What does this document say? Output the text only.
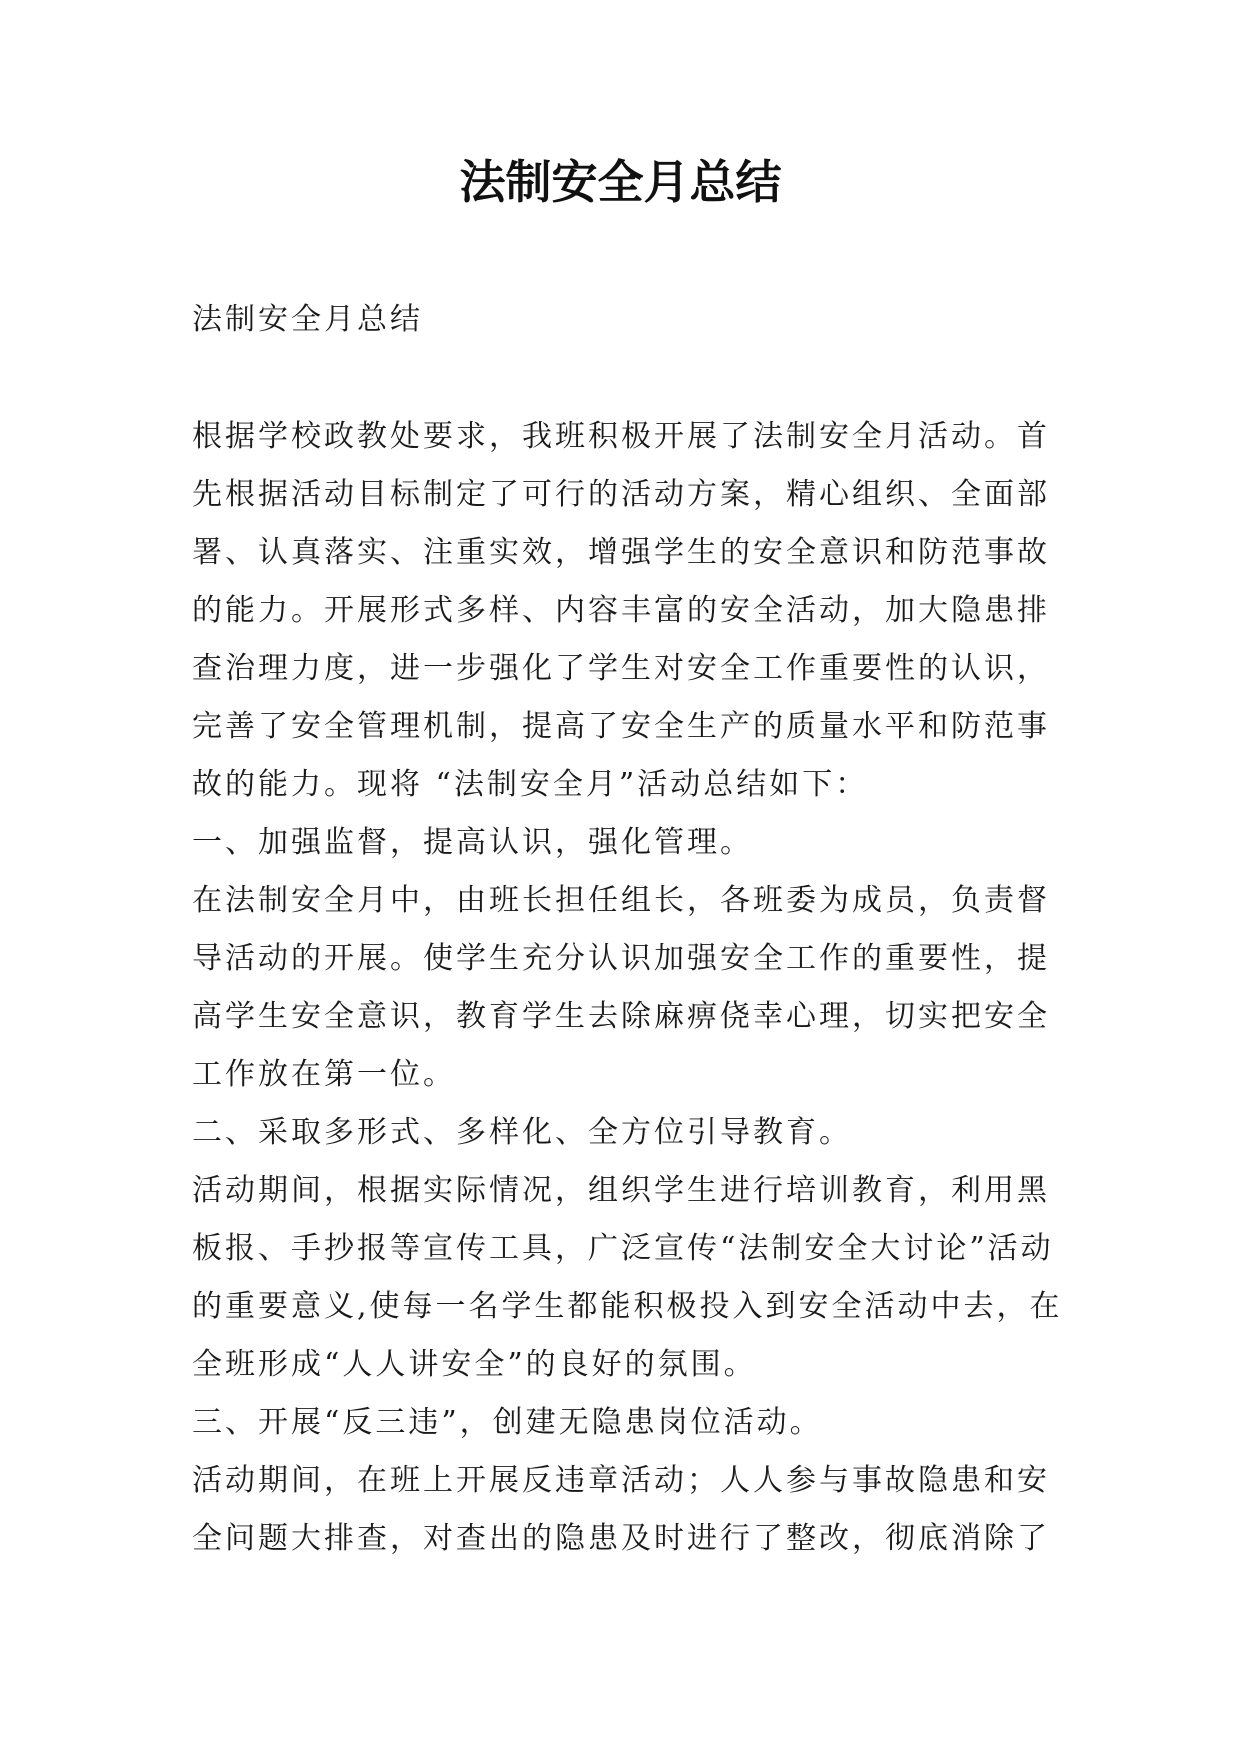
法制安全月总结
法制安全月总结

根据学校政教处要求，我班积极开展了法制安全月活动。首先根据活动目标制定了可行的活动方案，精心组织、全面部署、认真落实、注重实效，增强学生的安全意识和防范事故的能力。开展形式多样、内容丰富的安全活动，加大隐患排查治理力度，进一步强化了学生对安全工作重要性的认识，完善了安全管理机制，提高了安全生产的质量水平和防范事故的能力。现将 “法制安全月”活动总结如下：

一、加强监督，提高认识，强化管理。

在法制安全月中，由班长担任组长，各班委为成员，负责督导活动的开展。使学生充分认识加强安全工作的重要性，提高学生安全意识，教育学生去除麻痹侥幸心理，切实把安全工作放在第一位。

二、采取多形式、多样化、全方位引导教育。

活动期间，根据实际情况，组织学生进行培训教育，利用黑板报、手抄报等宣传工具，广泛宣传“法制安全大讨论”活动的重要意义,使每一名学生都能积极投入到安全活动中去，在全班形成“人人讲安全”的良好的氛围。

三、开展“反三违”，创建无隐患岗位活动。

活动期间，在班上开展反违章活动；人人参与事故隐患和安全问题大排查，对查出的隐患及时进行了整改，彻底消除了
